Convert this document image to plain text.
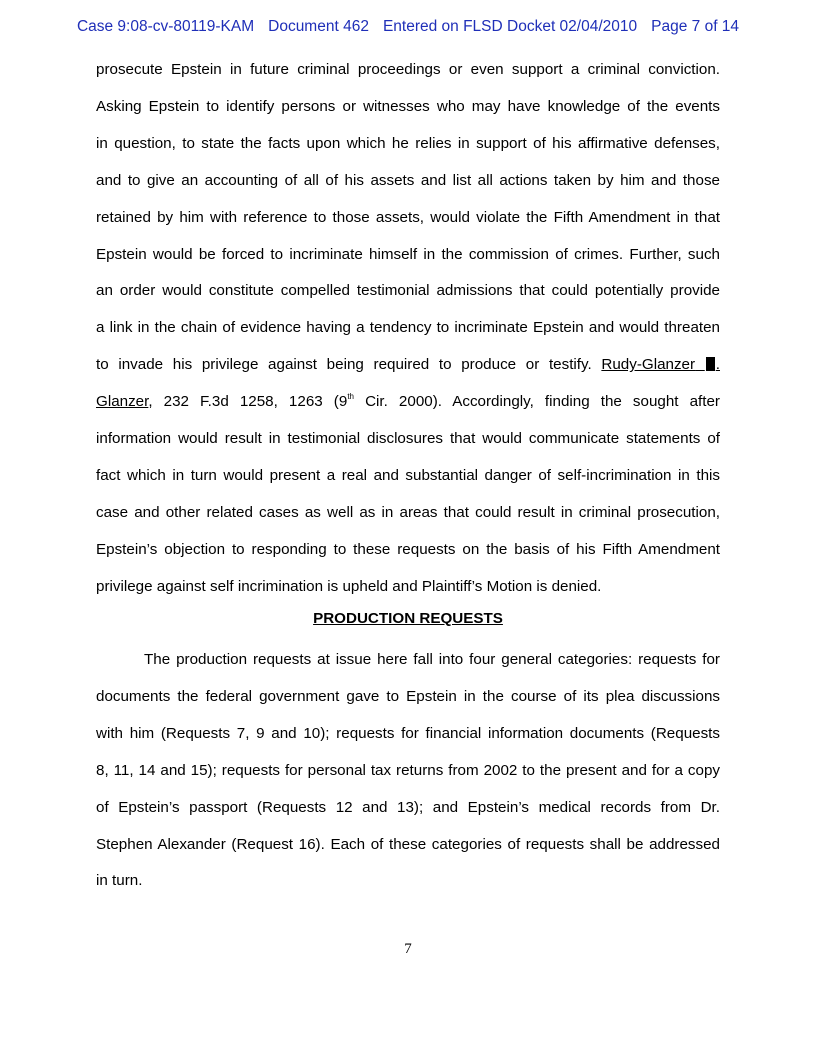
Case 9:08-cv-80119-KAM Document 462 Entered on FLSD Docket 02/04/2010 Page 7 of 14
prosecute Epstein in future criminal proceedings or even support a criminal conviction.
Asking Epstein to identify persons or witnesses who may have knowledge of the events
in question, to state the facts upon which he relies in support of his affirmative defenses,
and to give an accounting of all of his assets and list all actions taken by him and those
retained by him with reference to those assets, would violate the Fifth Amendment in that
Epstein would be forced to incriminate himself in the commission of crimes. Further, such
an order would constitute compelled testimonial admissions that could potentially provide
a link in the chain of evidence having a tendency to incriminate Epstein and would threaten
to invade his privilege against being required to produce or testify. Rudy-Glanzer .
Glanzer, 232 F.3d 1258, 1263 (9th Cir. 2000). Accordingly, finding the sought after
information would result in testimonial disclosures that would communicate statements of
fact which in turn would present a real and substantial danger of self-incrimination in this
case and other related cases as well as in areas that could result in criminal prosecution,
Epstein’s objection to responding to these requests on the basis of his Fifth Amendment
privilege against self incrimination is upheld and Plaintiff’s Motion is denied.
PRODUCTION REQUESTS
The production requests at issue here fall into four general categories: requests for
documents the federal government gave to Epstein in the course of its plea discussions
with him (Requests 7, 9 and 10); requests for financial information documents (Requests
8, 11, 14 and 15); requests for personal tax returns from 2002 to the present and for a copy
of Epstein’s passport (Requests 12 and 13); and Epstein’s medical records from Dr.
Stephen Alexander (Request 16). Each of these categories of requests shall be addressed
in turn.
7
